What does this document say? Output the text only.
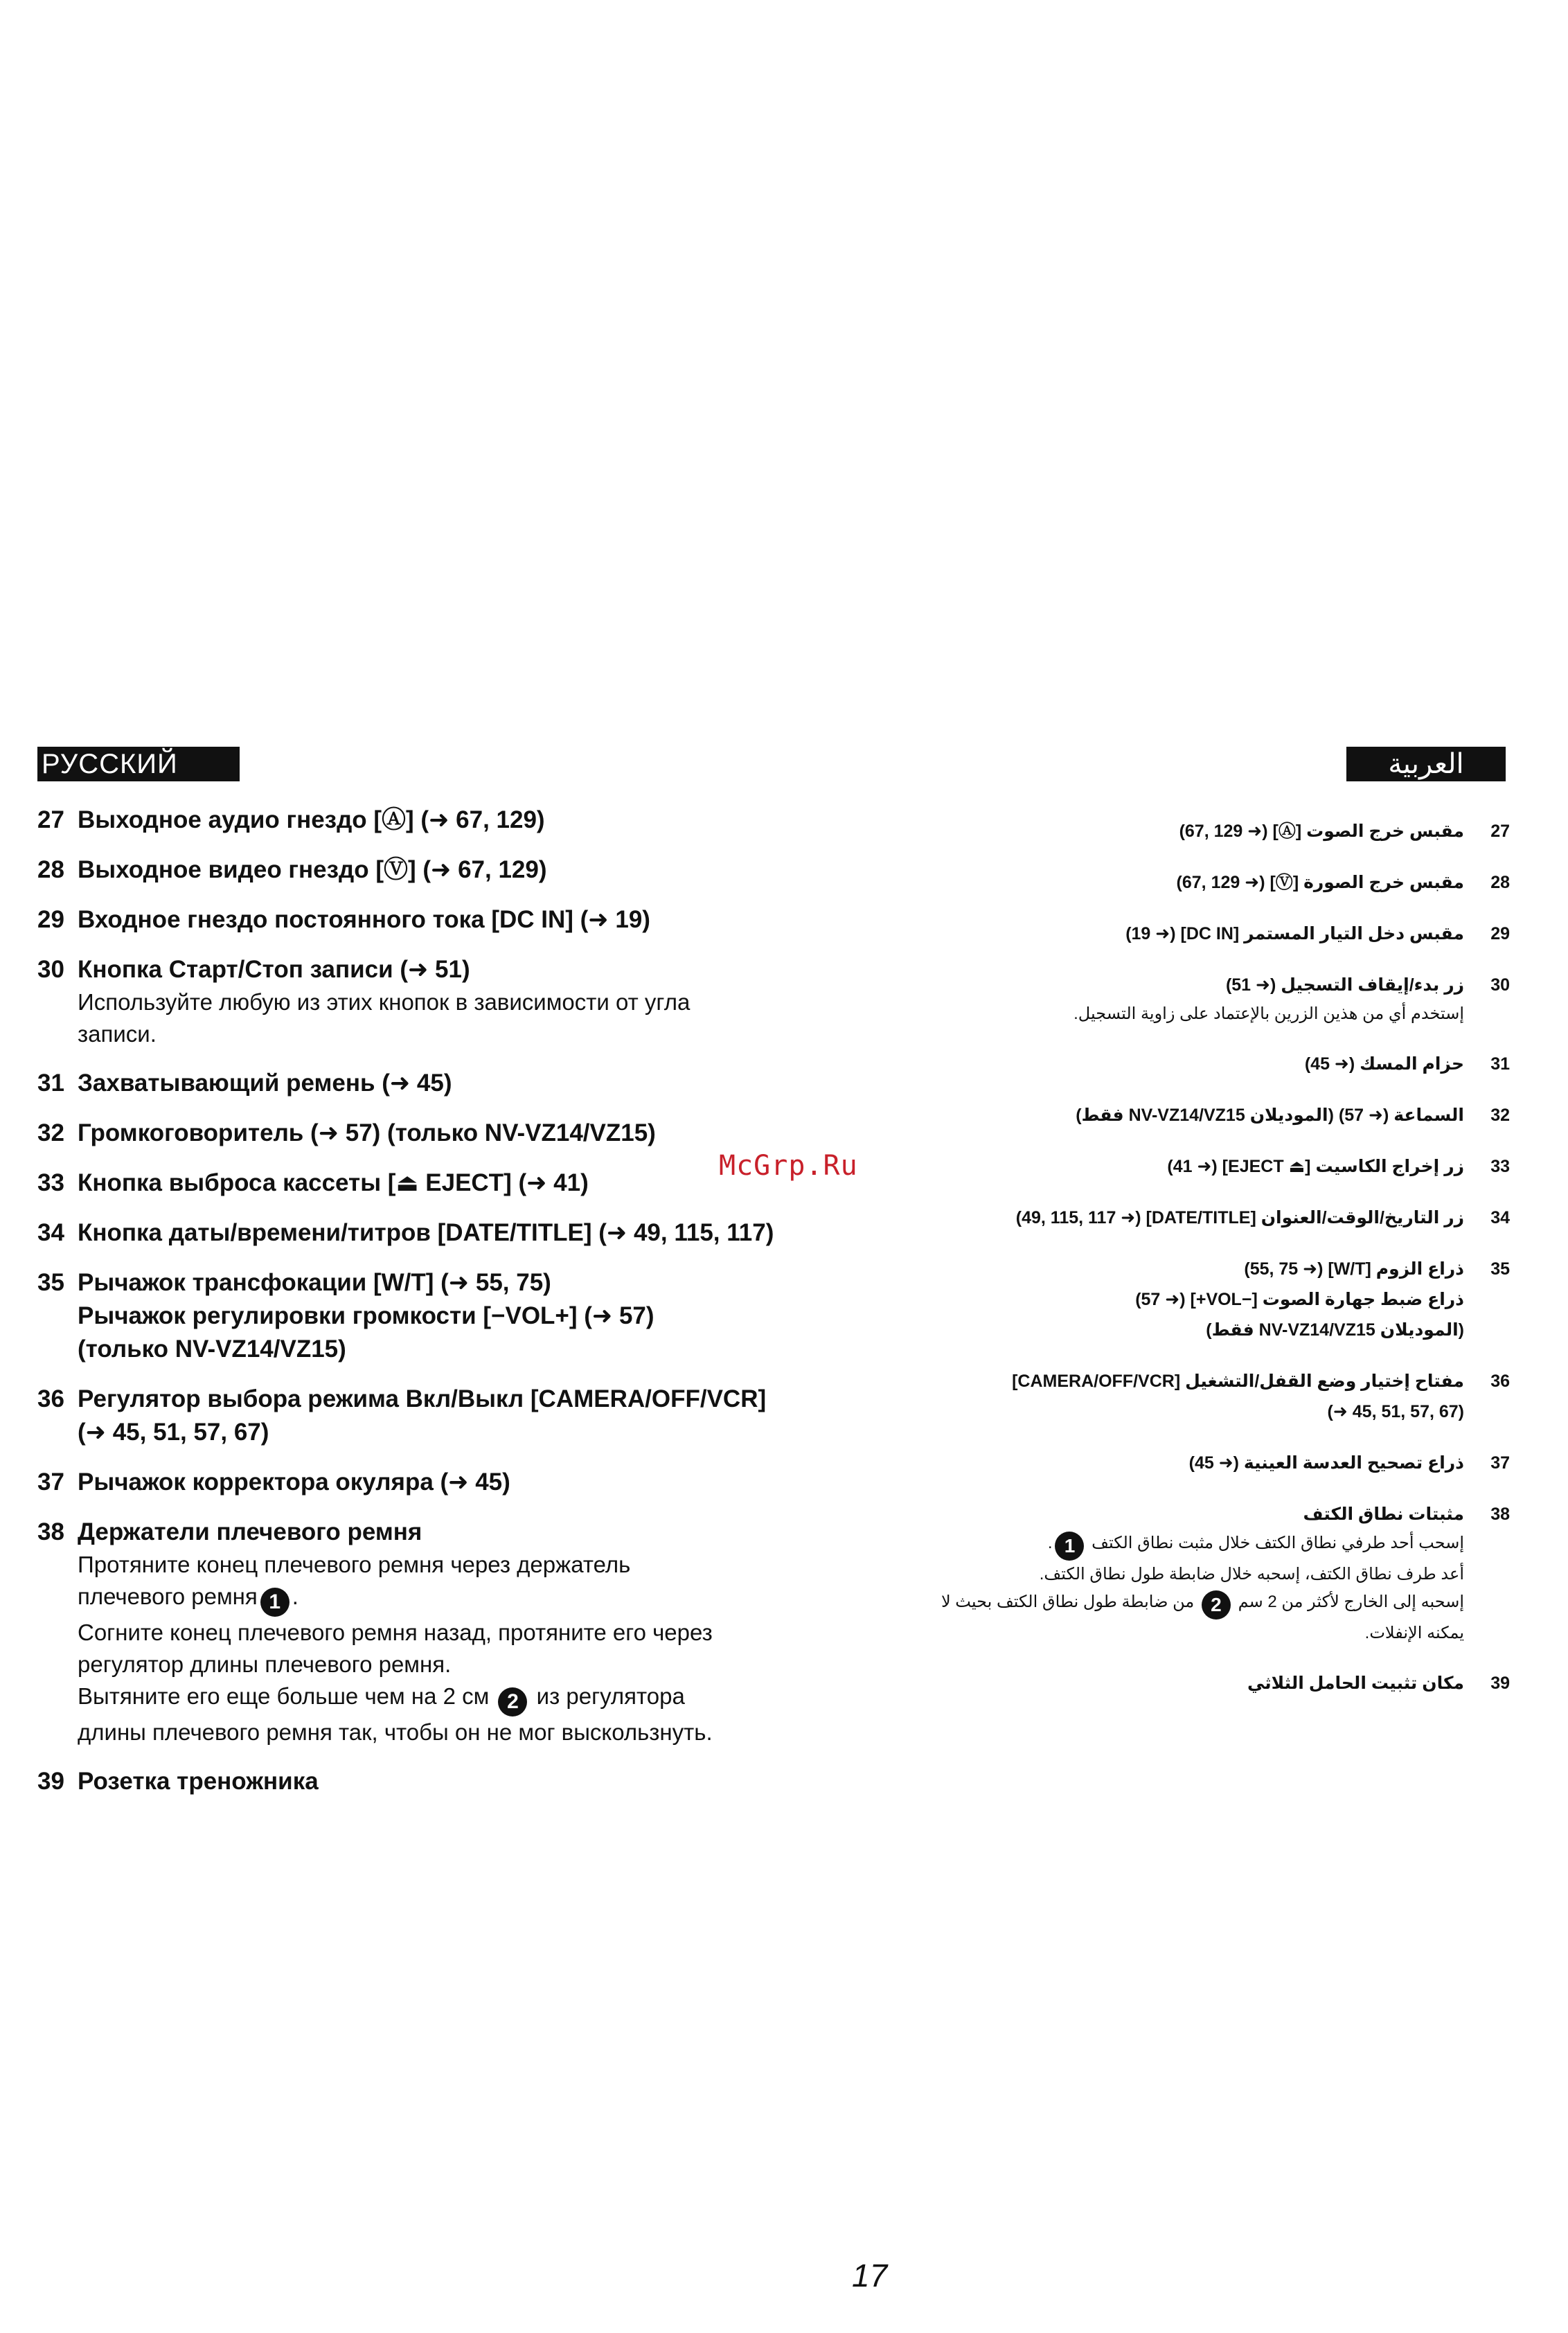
РУССКИЙ ЯЗЫК
العربية
27 Выходное аудио гнездо [Ⓐ] (➜ 67, 129)
28 Выходное видео гнездо [Ⓥ] (➜ 67, 129)
29 Входное гнездо постоянного тока [DC IN] (➜ 19)
30 Кнопка Старт/Стоп записи (➜ 51)
Используйте любую из этих кнопок в зависимости от угла
записи.
31 Захватывающий ремень (➜ 45)
32 Громкоговоритель (➜ 57) (только NV-VZ14/VZ15)
33 Кнопка выброса кассеты [⏏ EJECT] (➜ 41)
34 Кнопка даты/времени/титров [DATE/TITLE] (➜ 49, 115, 117)
35 Рычажок трансфокации [W/T] (➜ 55, 75)
Рычажок регулировки громкости [−VOL+] (➜ 57)
(только NV-VZ14/VZ15)
36 Регулятор выбора режима Вкл/Выкл [CAMERA/OFF/VCR]
(➜ 45, 51, 57, 67)
37 Рычажок корректора окуляра (➜ 45)
38 Держатели плечевого ремня
Протяните конец плечевого ремня через держатель
плечевого ремня 1 .
Согните конец плечевого ремня назад, протяните его через
регулятор длины плечевого ремня.
Вытяните его еще больше чем на 2 см 2 из регулятора
длины плечевого ремня так, чтобы он не мог выскользнуть.
39 Розетка треножника
27
مقبس خرج الصوت [Ⓐ] (➜ 67, 129)
28
مقبس خرج الصورة [Ⓥ] (➜ 67, 129)
29
مقبس دخل التيار المستمر [DC IN] (➜ 19)
30
زر بدء/إيقاف التسجيل (➜ 51)
إستخدم أي من هذين الزرين بالإعتماد على زاوية التسجيل.
31
حزام المسك (➜ 45)
32
السماعة (➜ 57) (الموديلان NV-VZ14/VZ15 فقط)
33
زر إخراج الكاسيت [⏏ EJECT] (➜ 41)
34
زر التاريخ/الوقت/العنوان [DATE/TITLE] (➜ 49, 115, 117)
35
ذراع الزوم [W/T] (➜ 55, 75)
ذراع ضبط جهارة الصوت [−VOL+] (➜ 57)
(الموديلان NV-VZ14/VZ15 فقط)
36
مفتاح إختيار وضع القفل/التشغيل [CAMERA/OFF/VCR]
(➜ 45, 51, 57, 67)
37
ذراع تصحيح العدسة العينية (➜ 45)
38
مثبتات نطاق الكتف
إسحب أحد طرفي نطاق الكتف خلال مثبت نطاق الكتف 1.
أعد طرف نطاق الكتف، إسحبه خلال ضابطة طول نطاق الكتف.
إسحبه إلى الخارج لأكثر من 2 سم 2 من ضابطة طول نطاق الكتف بحيث لا
يمكنه الإنفلات.
39
مكان تثبيت الحامل الثلاثي
McGrp.Ru
17
